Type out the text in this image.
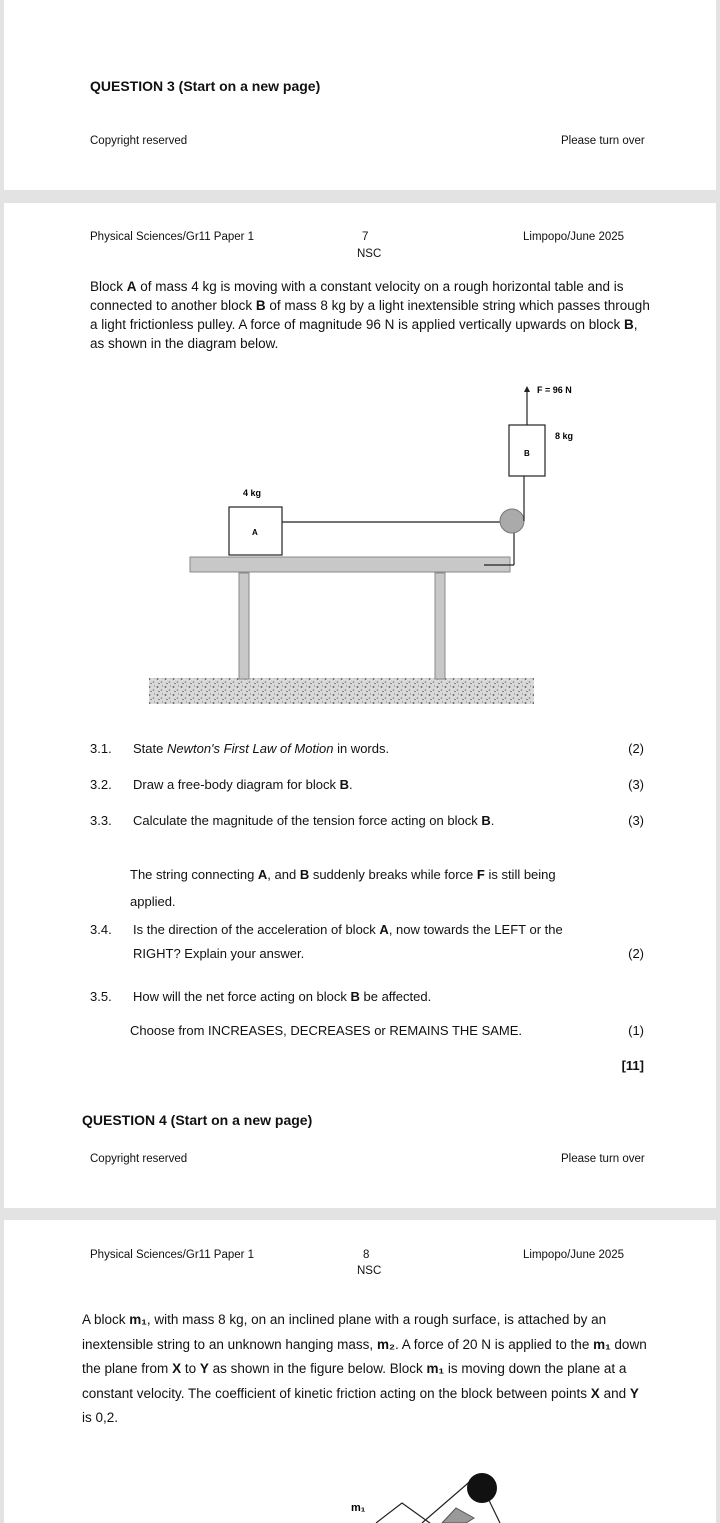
QUESTION 3 (Start on a new page)
Copyright reserved	Please turn over
Physical Sciences/Gr11 Paper 1	7
NSC
Limpopo/June 2025
Block A of mass 4 kg is moving with a constant velocity on a rough horizontal table and is connected to another block B of mass 8 kg by a light inextensible string which passes through a light frictionless pulley. A force of magnitude 96 N is applied vertically upwards on block B, as shown in the diagram below.
F = 96 N
8 kg
B
4 kg
A
3.1.	State Newton's First Law of Motion in words.	(2)
3.2.	Draw a free-body diagram for block B.	(3)
3.3.	Calculate the magnitude of the tension force acting on block B.	(3)
The string connecting A, and B suddenly breaks while force F is still being
applied.
3.4.	Is the direction of the acceleration of block A, now towards the LEFT or the
RIGHT? Explain your answer.	(2)
3.5.	How will the net force acting on block B be affected.
Choose from INCREASES, DECREASES or REMAINS THE SAME.	(1)
[11]
QUESTION 4 (Start on a new page)
Copyright reserved	Please turn over
Physical Sciences/Gr11 Paper 1	8
NSC
Limpopo/June 2025
A block m₁, with mass 8 kg, on an inclined plane with a rough surface, is attached by an inextensible string to an unknown hanging mass, m₂. A force of 20 N is applied to the m₁ down the plane from X to Y as shown in the figure below. Block m₁ is moving down the plane at a constant velocity. The coefficient of kinetic friction acting on the block between points X and Y is 0,2.
m₁
